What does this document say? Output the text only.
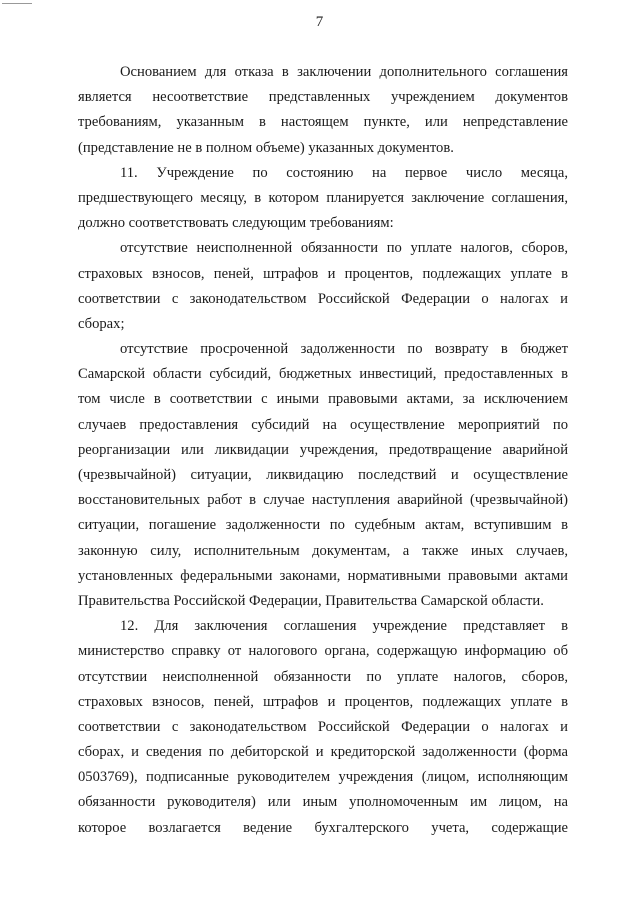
7
Основанием для отказа в заключении дополнительного соглашения
является несоответствие представленных учреждением документов
требованиям, указанным в настоящем пункте, или непредставление
(представление не в полном объеме) указанных документов.
11. Учреждение по состоянию на первое число месяца,
предшествующего месяцу, в котором планируется заключение соглашения,
должно соответствовать следующим требованиям:
отсутствие неисполненной обязанности по уплате налогов, сборов,
страховых взносов, пеней, штрафов и процентов, подлежащих уплате в
соответствии с законодательством Российской Федерации о налогах и
сборах;
отсутствие просроченной задолженности по возврату в бюджет
Самарской области субсидий, бюджетных инвестиций, предоставленных в
том числе в соответствии с иными правовыми актами, за исключением
случаев предоставления субсидий на осуществление мероприятий по
реорганизации или ликвидации учреждения, предотвращение аварийной
(чрезвычайной) ситуации, ликвидацию последствий и осуществление
восстановительных работ в случае наступления аварийной (чрезвычайной)
ситуации, погашение задолженности по судебным актам, вступившим в
законную силу, исполнительным документам, а также иных случаев,
установленных федеральными законами, нормативными правовыми актами
Правительства Российской Федерации, Правительства Самарской области.
12. Для заключения соглашения учреждение представляет в
министерство справку от налогового органа, содержащую информацию об
отсутствии неисполненной обязанности по уплате налогов, сборов,
страховых взносов, пеней, штрафов и процентов, подлежащих уплате в
соответствии с законодательством Российской Федерации о налогах и
сборах, и сведения по дебиторской и кредиторской задолженности (форма
0503769), подписанные руководителем учреждения (лицом, исполняющим
обязанности руководителя) или иным уполномоченным им лицом, на
которое возлагается ведение бухгалтерского учета, содержащие
